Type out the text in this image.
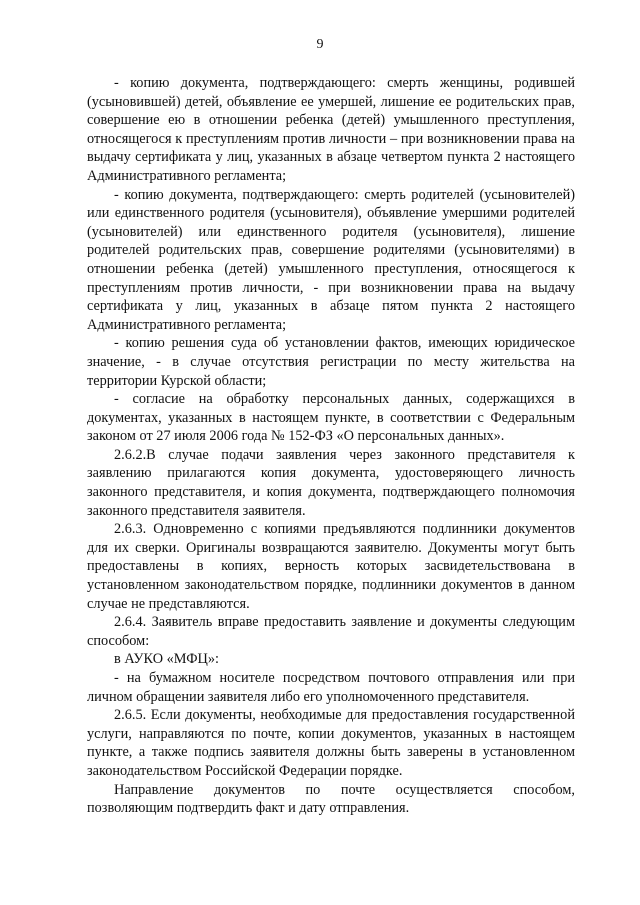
9

- копию документа, подтверждающего: смерть женщины, родившей (усыновившей) детей, объявление ее умершей, лишение ее родительских прав, совершение ею в отношении ребенка (детей) умышленного преступления, относящегося к преступлениям против личности – при возникновении права на выдачу сертификата у лиц, указанных в абзаце четвертом пункта 2 настоящего Административного регламента;

- копию документа, подтверждающего: смерть родителей (усыновителей) или единственного родителя (усыновителя), объявление умершими родителей (усыновителей) или единственного родителя (усыновителя), лишение родителей родительских прав, совершение родителями (усыновителями) в отношении ребенка (детей) умышленного преступления, относящегося к преступлениям против личности, - при возникновении права на выдачу сертификата у лиц, указанных в абзаце пятом пункта 2 настоящего Административного регламента;

- копию решения суда об установлении фактов, имеющих юридическое значение, - в случае отсутствия регистрации по месту жительства на территории Курской области;

- согласие на обработку персональных данных, содержащихся в документах, указанных в настоящем пункте, в соответствии с Федеральным законом от 27 июля 2006 года № 152-ФЗ «О персональных данных».

2.6.2.В случае подачи заявления через законного представителя к заявлению прилагаются копия документа, удостоверяющего личность законного представителя, и копия документа, подтверждающего полномочия законного представителя заявителя.

2.6.3. Одновременно с копиями предъявляются подлинники документов для их сверки. Оригиналы возвращаются заявителю. Документы могут быть предоставлены в копиях, верность которых засвидетельствована в установленном законодательством порядке, подлинники документов в данном случае не представляются.

2.6.4. Заявитель вправе предоставить заявление и документы следующим способом:

в АУКО «МФЦ»:

- на бумажном носителе посредством почтового отправления или при личном обращении заявителя либо его уполномоченного представителя.

2.6.5. Если документы, необходимые для предоставления государственной услуги, направляются по почте, копии документов, указанных в настоящем пункте, а также подпись заявителя должны быть заверены в установленном законодательством Российской Федерации порядке.

Направление документов по почте осуществляется способом, позволяющим подтвердить факт и дату отправления.
